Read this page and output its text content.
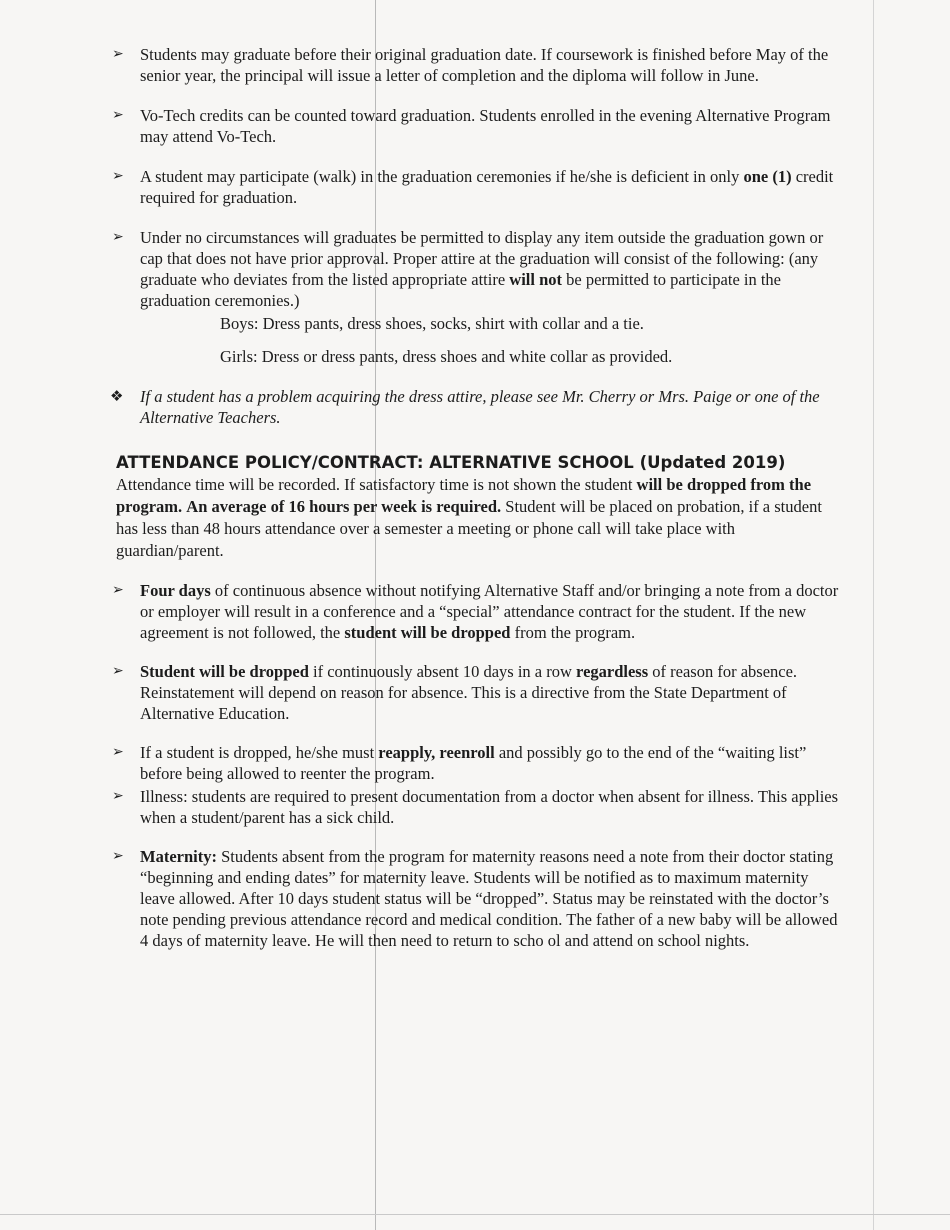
➢ Students may graduate before their original graduation date. If coursework is finished before May of the senior year, the principal will issue a letter of completion and the diploma will follow in June.

➢ Vo-Tech credits can be counted toward graduation. Students enrolled in the evening Alternative Program may attend Vo-Tech.

➢ A student may participate (walk) in the graduation ceremonies if he/she is deficient in only one (1) credit required for graduation.

➢ Under no circumstances will graduates be permitted to display any item outside the graduation gown or cap that does not have prior approval. Proper attire at the graduation will consist of the following: (any graduate who deviates from the listed appropriate attire will not be permitted to participate in the graduation ceremonies.)

Boys: Dress pants, dress shoes, socks, shirt with collar and a tie.
Girls: Dress or dress pants, dress shoes and white collar as provided.
❖ If a student has a problem acquiring the dress attire, please see Mr. Cherry or Mrs. Paige or one of the Alternative Teachers.

ATTENDANCE POLICY/CONTRACT: ALTERNATIVE SCHOOL (Updated 2019)

Attendance time will be recorded. If satisfactory time is not shown the student will be dropped from the program. An average of 16 hours per week is required. Student will be placed on probation, if a student has less than 48 hours attendance over a semester a meeting or phone call will take place with guardian/parent.

➢ Four days of continuous absence without notifying Alternative Staff and/or bringing a note from a doctor or employer will result in a conference and a “special” attendance contract for the student. If the new agreement is not followed, the student will be dropped from the program.

➢ Student will be dropped if continuously absent 10 days in a row regardless of reason for absence. Reinstatement will depend on reason for absence. This is a directive from the State Department of Alternative Education.

➢ If a student is dropped, he/she must reapply, reenroll and possibly go to the end of the “waiting list” before being allowed to reenter the program.

➢ Illness: students are required to present documentation from a doctor when absent for illness. This applies when a student/parent has a sick child.

➢ Maternity: Students absent from the program for maternity reasons need a note from their doctor stating “beginning and ending dates” for maternity leave. Students will be notified as to maximum maternity leave allowed. After 10 days student status will be “dropped”. Status may be reinstated with the doctor’s note pending previous attendance record and medical condition. The father of a new baby will be allowed 4 days of maternity leave. He will then need to return to scho ol and attend on school nights.
